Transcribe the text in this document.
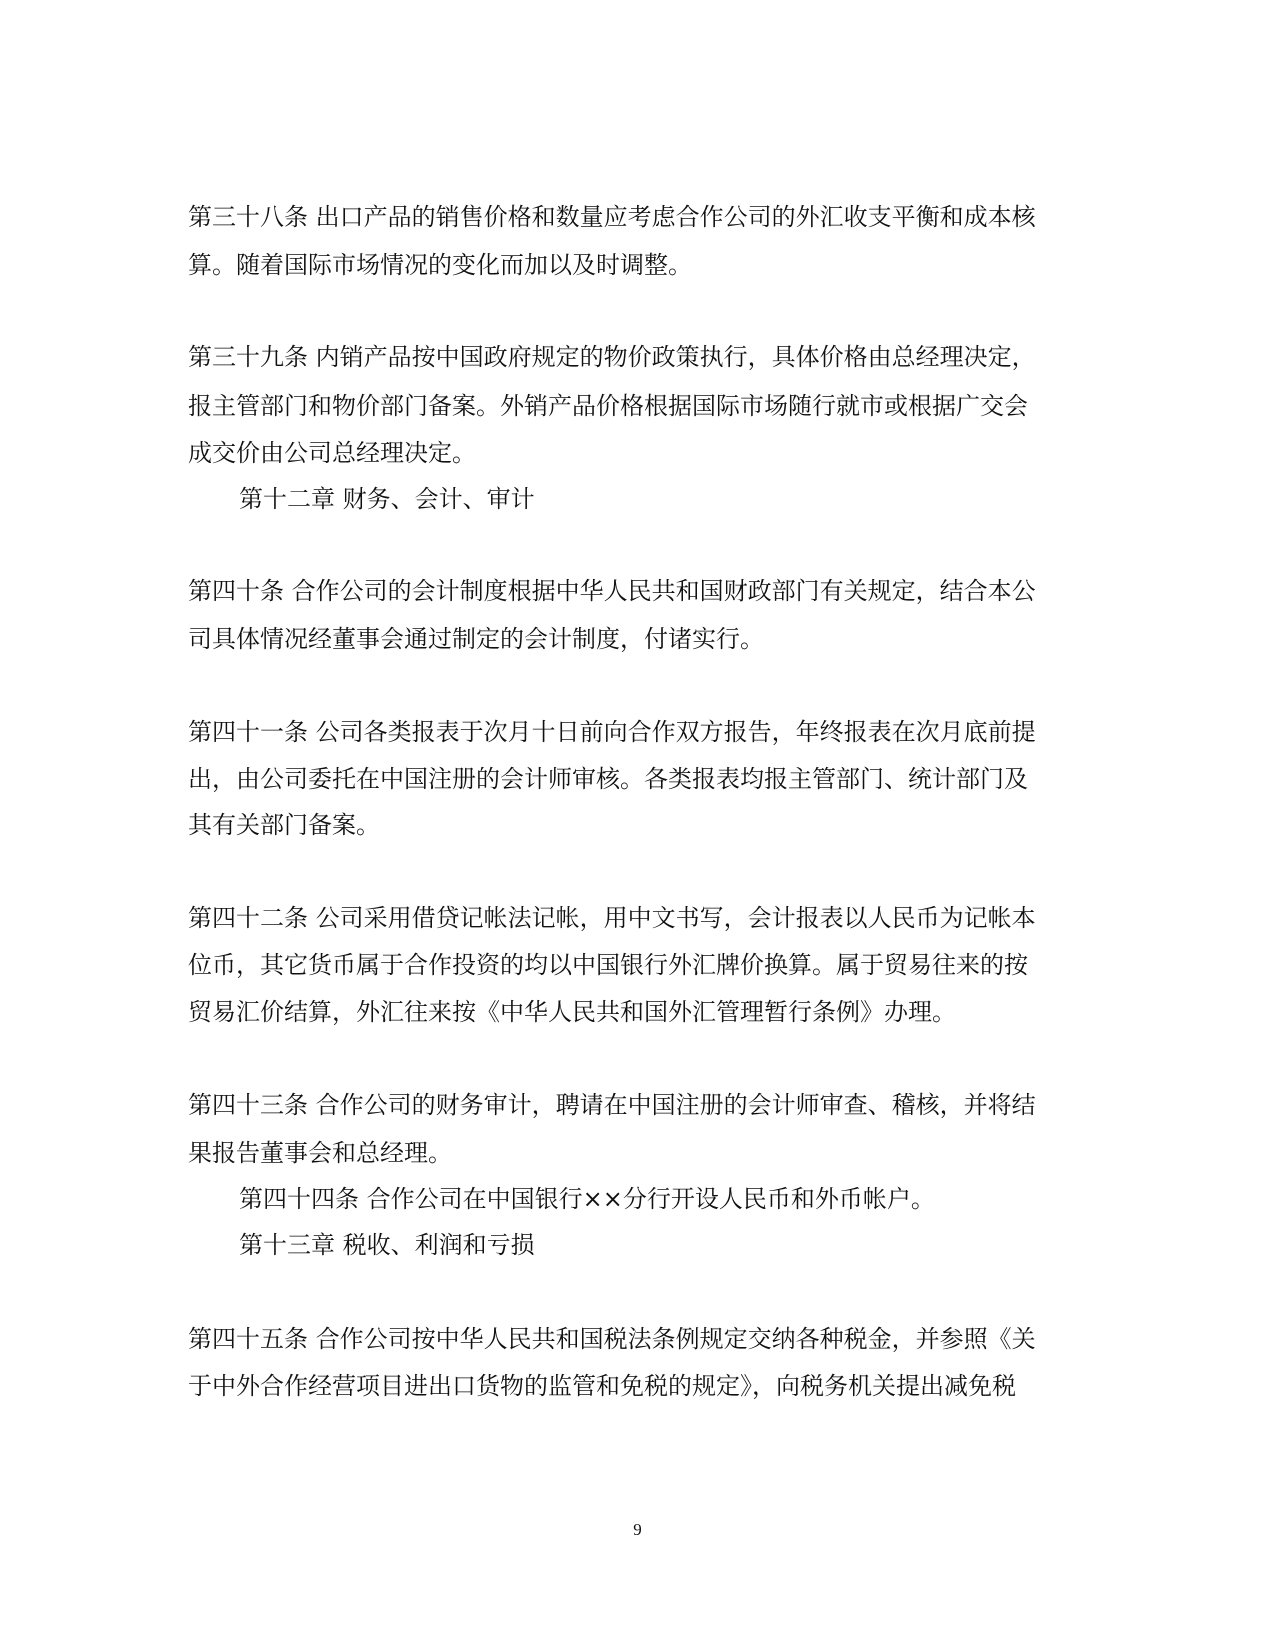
第三十八条 出口产品的销售价格和数量应考虑合作公司的外汇收支平衡和成本核
算。随着国际市场情况的变化而加以及时调整。
第三十九条 内销产品按中国政府规定的物价政策执行，具体价格由总经理决定，
报主管部门和物价部门备案。外销产品价格根据国际市场随行就市或根据广交会
成交价由公司总经理决定。
第十二章 财务、会计、审计
第四十条 合作公司的会计制度根据中华人民共和国财政部门有关规定，结合本公
司具体情况经董事会通过制定的会计制度，付诸实行。
第四十一条 公司各类报表于次月十日前向合作双方报告，年终报表在次月底前提
出，由公司委托在中国注册的会计师审核。各类报表均报主管部门、统计部门及
其有关部门备案。
第四十二条 公司采用借贷记帐法记帐，用中文书写，会计报表以人民币为记帐本
位币，其它货币属于合作投资的均以中国银行外汇牌价换算。属于贸易往来的按
贸易汇价结算，外汇往来按《中华人民共和国外汇管理暂行条例》办理。
第四十三条 合作公司的财务审计，聘请在中国注册的会计师审查、稽核，并将结
果报告董事会和总经理。
第四十四条 合作公司在中国银行××分行开设人民币和外币帐户。
第十三章 税收、利润和亏损
第四十五条 合作公司按中华人民共和国税法条例规定交纳各种税金，并参照《关
于中外合作经营项目进出口货物的监管和免税的规定》，向税务机关提出减免税
9
